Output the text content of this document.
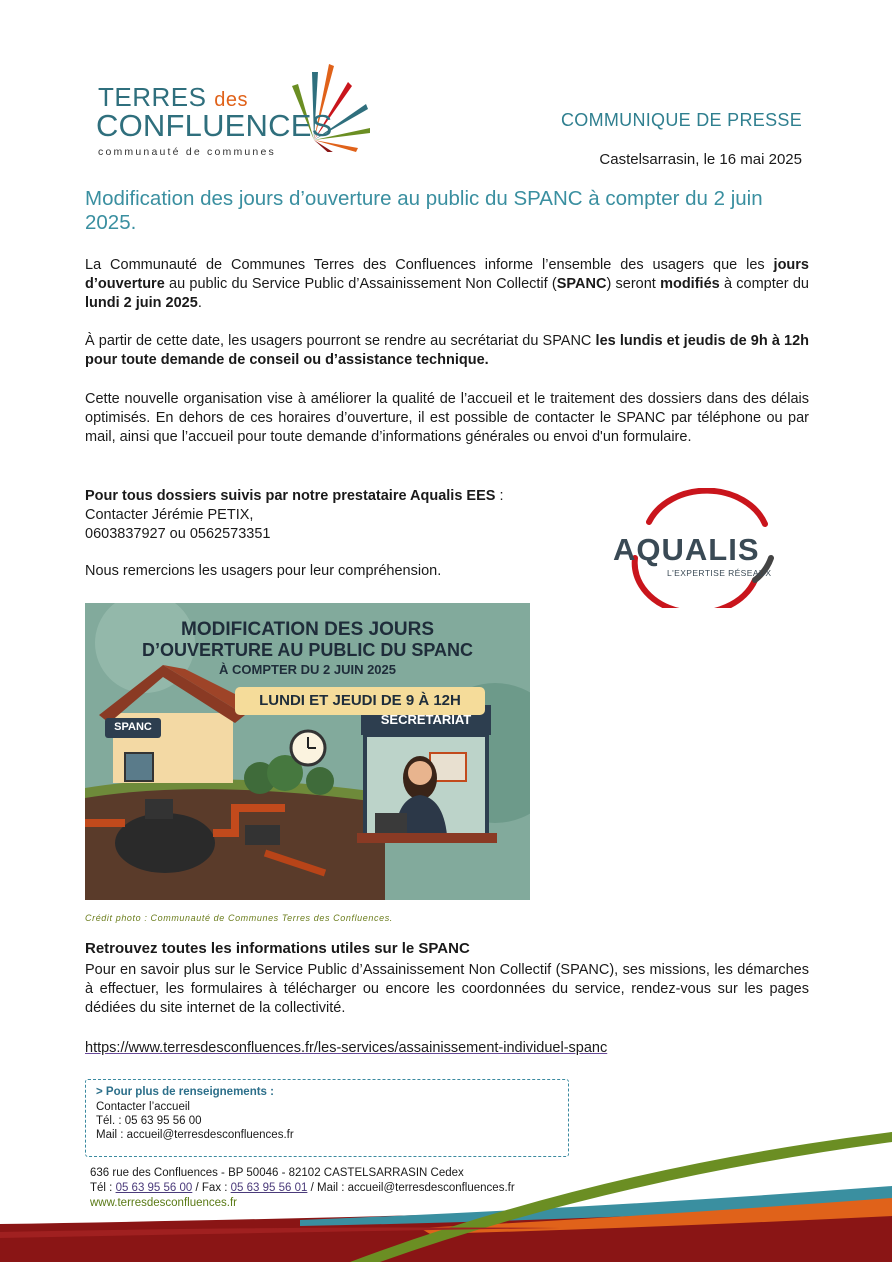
TERRES des
CONFLUENCES
communauté de communes
COMMUNIQUE DE PRESSE
Castelsarrasin, le 16 mai 2025
Modification des jours d’ouverture au public du SPANC à compter du 2 juin 2025.
La Communauté de Communes Terres des Confluences informe l’ensemble des usagers que les jours d’ouverture au public du Service Public d’Assainissement Non Collectif (SPANC) seront modifiés à compter du lundi 2 juin 2025.
À partir de cette date, les usagers pourront se rendre au secrétariat du SPANC les lundis et jeudis de 9h à 12h pour toute demande de conseil ou d’assistance technique.
Cette nouvelle organisation vise à améliorer la qualité de l’accueil et le traitement des dossiers dans des délais optimisés. En dehors de ces horaires d’ouverture, il est possible de contacter le SPANC par téléphone ou par mail, ainsi que l’accueil pour toute demande d’informations générales ou envoi d'un formulaire.
Pour tous dossiers suivis par notre prestataire Aqualis EES :
Contacter Jérémie PETIX,
0603837927 ou 0562573351
Nous remercions les usagers pour leur compréhension.
AQUALIS
L'EXPERTISE RÉSEAUX
MODIFICATION DES JOURS
D’OUVERTURE AU PUBLIC DU SPANC
À COMPTER DU 2 JUIN 2025
LUNDI ET JEUDI DE 9 À 12H
SPANC	SECRETARIAT
Crédit photo : Communauté de Communes Terres des Confluences.
Retrouvez toutes les informations utiles sur le SPANC
Pour en savoir plus sur le Service Public d’Assainissement Non Collectif (SPANC), ses missions, les démarches à effectuer, les formulaires à télécharger ou encore les coordonnées du service, rendez-vous sur les pages dédiées du site internet de la collectivité.
https://www.terresdesconfluences.fr/les-services/assainissement-individuel-spanc
> Pour plus de renseignements :
Contacter l’accueil
Tél. : 05 63 95 56 00
Mail : accueil@terresdesconfluences.fr
636 rue des Confluences - BP 50046 - 82102 CASTELSARRASIN Cedex
Tél : 05 63 95 56 00 / Fax : 05 63 95 56 01 / Mail : accueil@terresdesconfluences.fr
www.terresdesconfluences.fr
